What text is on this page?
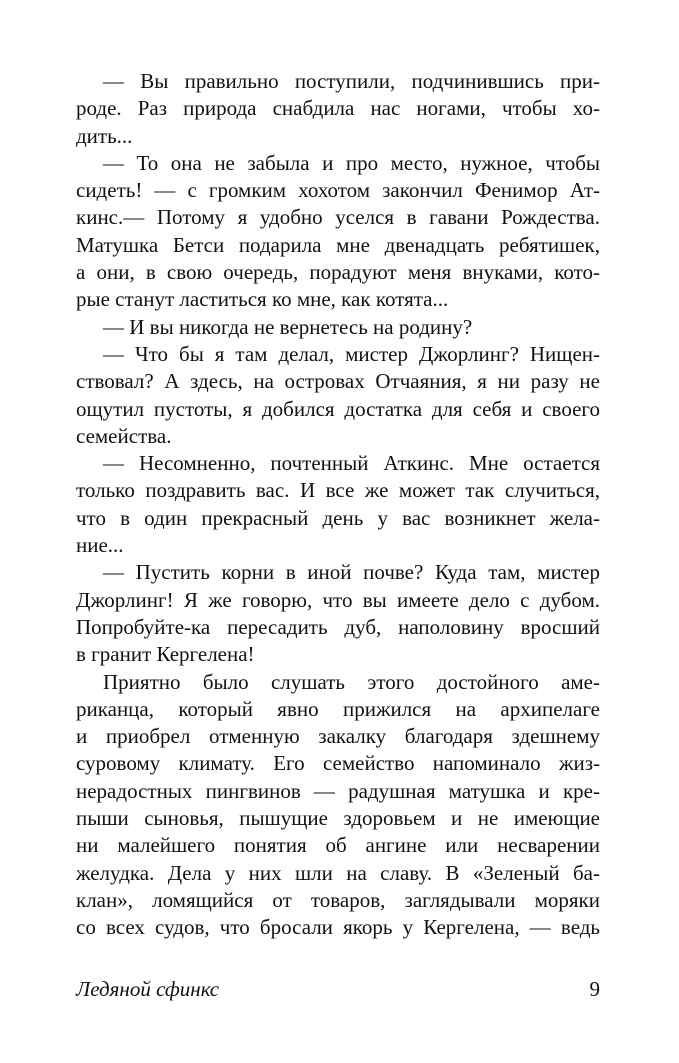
— Вы правильно поступили, подчинившись при-
роде. Раз природа снабдила нас ногами, чтобы хо-
дить...
— То она не забыла и про место, нужное, чтобы
сидеть! — с громким хохотом закончил Фенимор Ат-
кинс.— Потому я удобно уселся в гавани Рождества.
Матушка Бетси подарила мне двенадцать ребятишек,
а они, в свою очередь, порадуют меня внуками, кото-
рые станут ластиться ко мне, как котята...
— И вы никогда не вернетесь на родину?
— Что бы я там делал, мистер Джорлинг? Нищен-
ствовал? А здесь, на островах Отчаяния, я ни разу не
ощутил пустоты, я добился достатка для себя и своего
семейства.
— Несомненно, почтенный Аткинс. Мне остается
только поздравить вас. И все же может так случиться,
что в один прекрасный день у вас возникнет жела-
ние...
— Пустить корни в иной почве? Куда там, мистер
Джорлинг! Я же говорю, что вы имеете дело с дубом.
Попробуйте-ка пересадить дуб, наполовину вросший
в гранит Кергелена!
Приятно было слушать этого достойного аме-
риканца, который явно прижился на архипелаге
и приобрел отменную закалку благодаря здешнему
суровому климату. Его семейство напоминало жиз-
нерадостных пингвинов — радушная матушка и кре-
пыши сыновья, пышущие здоровьем и не имеющие
ни малейшего понятия об ангине или несварении
желудка. Дела у них шли на славу. В «Зеленый ба-
клан», ломящийся от товаров, заглядывали моряки
со всех судов, что бросали якорь у Кергелена, — ведь
Ледяной сфинкс	9
